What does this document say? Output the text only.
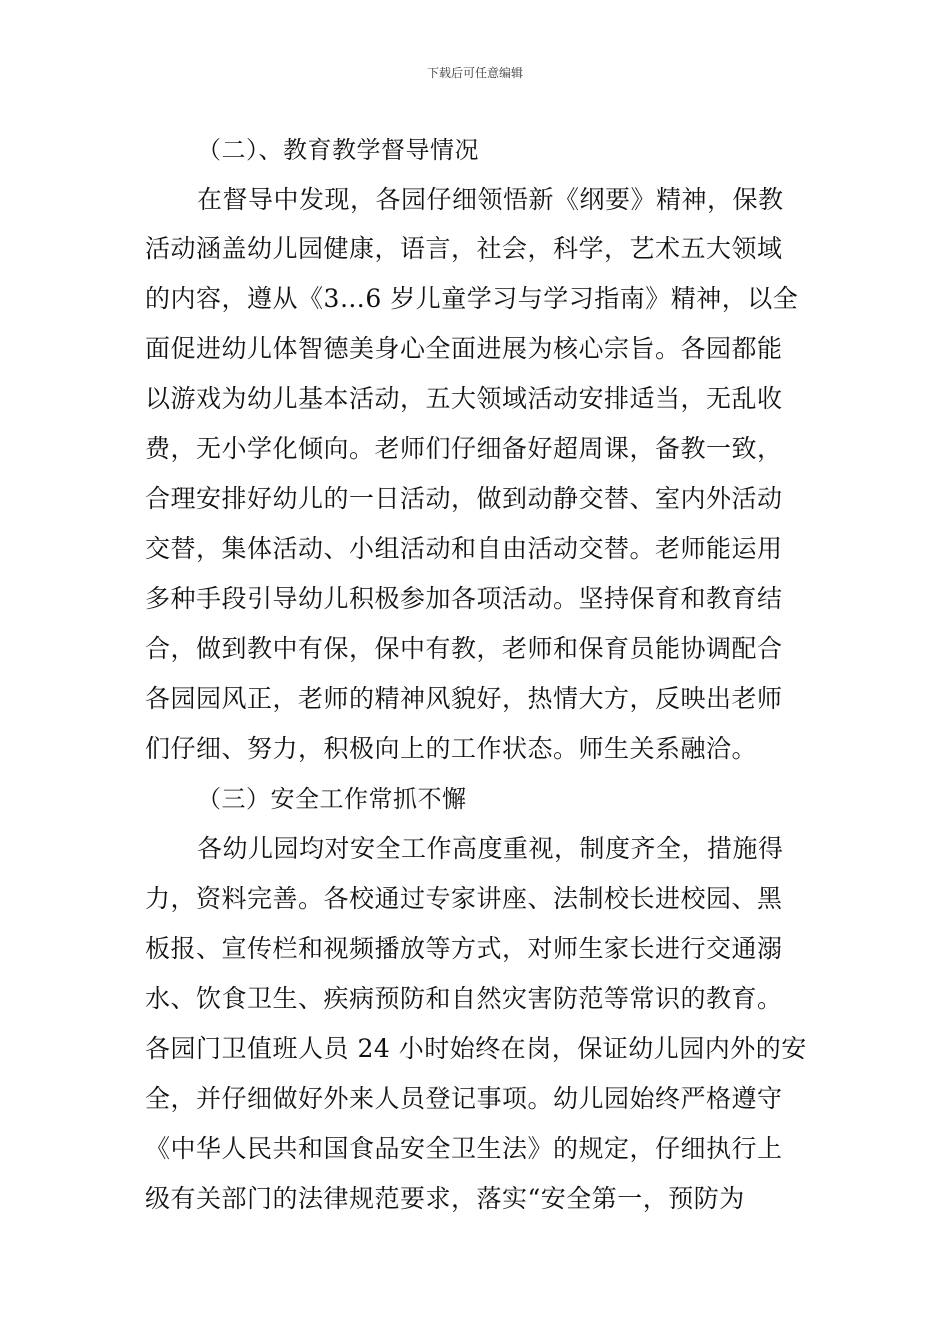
下载后可任意编辑
（二）、教育教学督导情况
在督导中发现，各园仔细领悟新《纲要》精神，保教
活动涵盖幼儿园健康，语言，社会，科学，艺术五大领域
的内容，遵从《3…6 岁儿童学习与学习指南》精神，以全
面促进幼儿体智德美身心全面进展为核心宗旨。各园都能
以游戏为幼儿基本活动，五大领域活动安排适当，无乱收
费，无小学化倾向。老师们仔细备好超周课，备教一致，
合理安排好幼儿的一日活动，做到动静交替、室内外活动
交替，集体活动、小组活动和自由活动交替。老师能运用
多种手段引导幼儿积极参加各项活动。坚持保育和教育结
合，做到教中有保，保中有教，老师和保育员能协调配合
各园园风正，老师的精神风貌好，热情大方，反映出老师
们仔细、努力，积极向上的工作状态。师生关系融洽。
（三）安全工作常抓不懈
各幼儿园均对安全工作高度重视，制度齐全，措施得
力，资料完善。各校通过专家讲座、法制校长进校园、黑
板报、宣传栏和视频播放等方式，对师生家长进行交通溺
水、饮食卫生、疾病预防和自然灾害防范等常识的教育。
各园门卫值班人员 24 小时始终在岗，保证幼儿园内外的安
全，并仔细做好外来人员登记事项。幼儿园始终严格遵守
《中华人民共和国食品安全卫生法》的规定，仔细执行上
级有关部门的法律规范要求，落实“安全第一，预防为
